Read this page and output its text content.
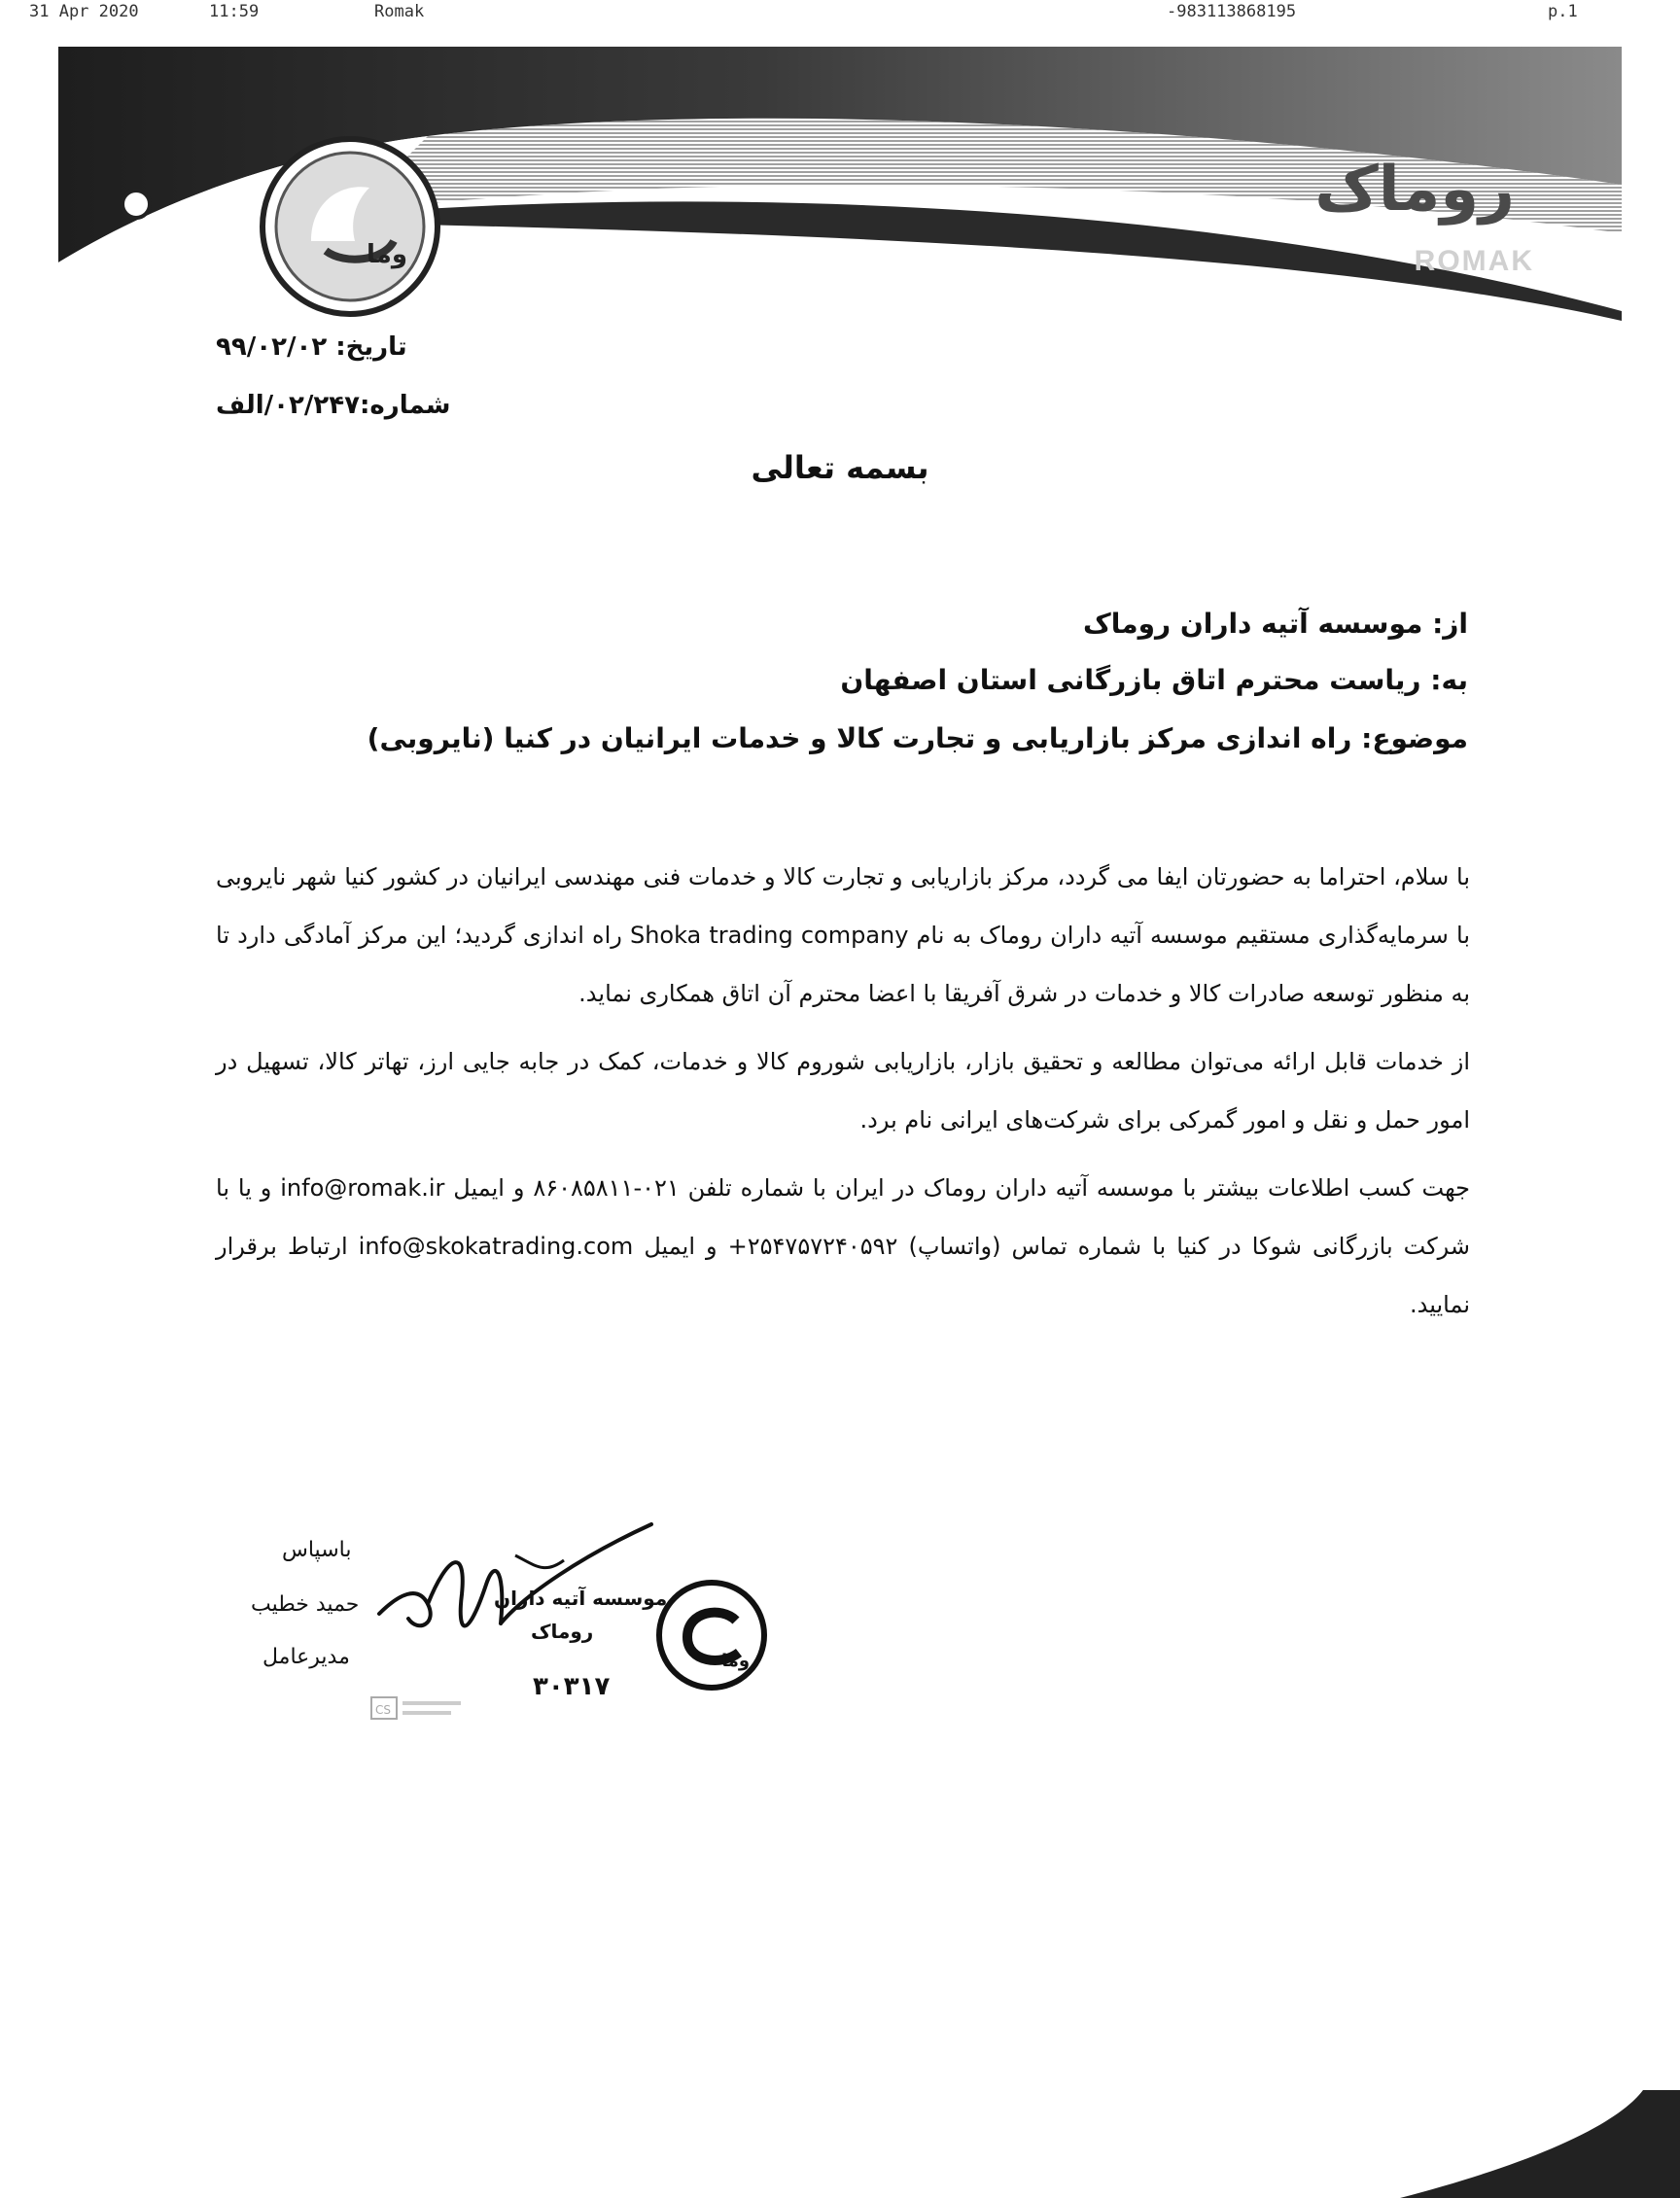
31 Apr 2020	11:59	Romak	-983113868195	p.1
وما
روماک
ROMAK
تاریخ: ۹۹/۰۲/۰۲
شماره:۰۲/۲۴۷/الف
بسمه تعالی
از: موسسه آتیه داران روماک
به: ریاست محترم اتاق بازرگانی استان اصفهان
موضوع: راه اندازی مرکز بازاریابی و تجارت کالا و خدمات ایرانیان در کنیا (نایروبی)

با سلام، احتراما به حضورتان ایفا می گردد، مرکز بازاریابی و تجارت کالا و خدمات فنی مهندسی ایرانیان در کشور کنیا شهر نایروبی با سرمایه‌گذاری مستقیم موسسه آتیه داران روماک به نام Shoka trading company راه اندازی گردید؛ این مرکز آمادگی دارد تا به منظور توسعه صادرات کالا و خدمات در شرق آفریقا با اعضا محترم آن اتاق همکاری نماید.

از خدمات قابل ارائه می‌توان مطالعه و تحقیق بازار، بازاریابی شوروم کالا و خدمات، کمک در جابه جایی ارز، تهاتر کالا، تسهیل در امور حمل و نقل و امور گمرکی برای شرکت‌های ایرانی نام برد.

جهت کسب اطلاعات بیشتر با موسسه آتیه داران روماک در ایران با شماره تلفن ۰۲۱-۸۶۰۸۵۸۱۱ و ایمیل info@romak.ir و یا با شرکت بازرگانی شوکا در کنیا با شماره تماس (واتساپ) ۲۵۴۷۵۷۲۴۰۵۹۲+ و ایمیل info@skokatrading.com ارتباط برقرار نمایید.

باسپاس
حمید خطیب
مدیرعامل	وما
موسسه آتیه داران
روماک
۳۰۳۱۷
CS
